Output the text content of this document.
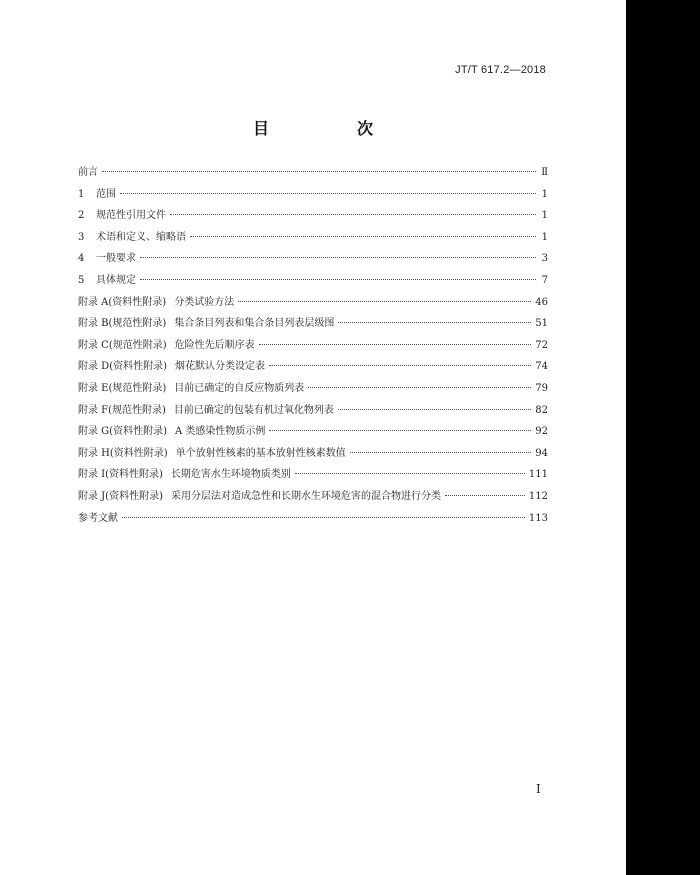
JT/T 617.2—2018
目　次
前言	Ⅱ
1	范围	1
2	规范性引用文件	1
3	术语和定义、缩略语	1
4	一般要求	3
5	具体规定	7
附录 A(资料性附录) 分类试验方法	46
附录 B(规范性附录) 集合条目列表和集合条目列表层级图	51
附录 C(规范性附录) 危险性先后顺序表	72
附录 D(资料性附录) 烟花默认分类设定表	74
附录 E(规范性附录) 目前已确定的自反应物质列表	79
附录 F(规范性附录) 目前已确定的包装有机过氧化物列表	82
附录 G(资料性附录) A 类感染性物质示例	92
附录 H(资料性附录) 单个放射性核素的基本放射性核素数值	94
附录 I(资料性附录) 长期危害水生环境物质类别	111
附录 J(资料性附录) 采用分层法对造成急性和长期水生环境危害的混合物进行分类	112
参考文献	113
Ⅰ
